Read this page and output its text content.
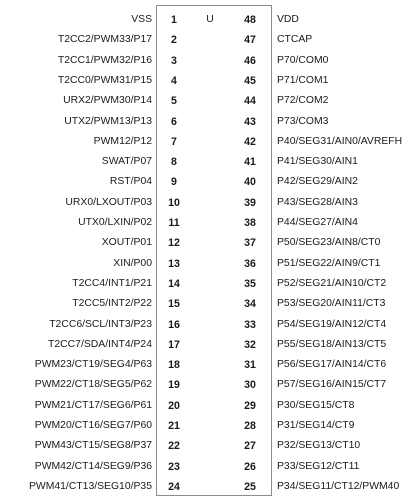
U
VSS	1	48	VDD
T2CC2/PWM33/P17	2	47	CTCAP
T2CC1/PWM32/P16	3	46	P70/COM0
T2CC0/PWM31/P15	4	45	P71/COM1
URX2/PWM30/P14	5	44	P72/COM2
UTX2/PWM13/P13	6	43	P73/COM3
PWM12/P12	7	42	P40/SEG31/AIN0/AVREFH
SWAT/P07	8	41	P41/SEG30/AIN1
RST/P04	9	40	P42/SEG29/AIN2
URX0/LXOUT/P03	10	39	P43/SEG28/AIN3
UTX0/LXIN/P02	11	38	P44/SEG27/AIN4
XOUT/P01	12	37	P50/SEG23/AIN8/CT0
XIN/P00	13	36	P51/SEG22/AIN9/CT1
T2CC4/INT1/P21	14	35	P52/SEG21/AIN10/CT2
T2CC5/INT2/P22	15	34	P53/SEG20/AIN11/CT3
T2CC6/SCL/INT3/P23	16	33	P54/SEG19/AIN12/CT4
T2CC7/SDA/INT4/P24	17	32	P55/SEG18/AIN13/CT5
PWM23/CT19/SEG4/P63	18	31	P56/SEG17/AIN14/CT6
PWM22/CT18/SEG5/P62	19	30	P57/SEG16/AIN15/CT7
PWM21/CT17/SEG6/P61	20	29	P30/SEG15/CT8
PWM20/CT16/SEG7/P60	21	28	P31/SEG14/CT9
PWM43/CT15/SEG8/P37	22	27	P32/SEG13/CT10
PWM42/CT14/SEG9/P36	23	26	P33/SEG12/CT11
PWM41/CT13/SEG10/P35	24	25	P34/SEG11/CT12/PWM40
